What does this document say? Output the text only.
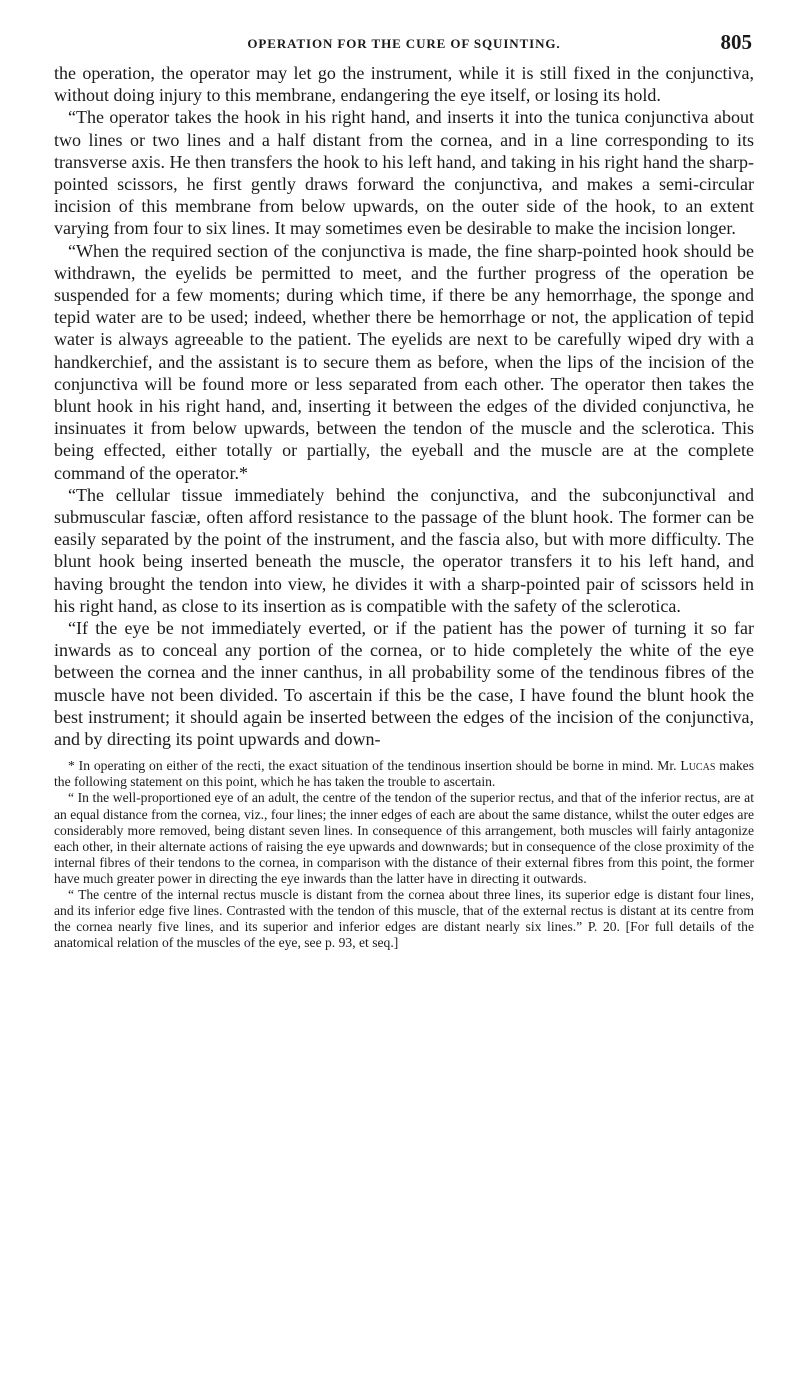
OPERATION FOR THE CURE OF SQUINTING.	805

the operation, the operator may let go the instrument, while it is still fixed in the conjunctiva, without doing injury to this membrane, endangering the eye itself, or losing its hold.

“The operator takes the hook in his right hand, and inserts it into the tunica conjunctiva about two lines or two lines and a half distant from the cornea, and in a line corresponding to its transverse axis. He then transfers the hook to his left hand, and taking in his right hand the sharp-pointed scissors, he first gently draws forward the conjunctiva, and makes a semi-circular incision of this membrane from below upwards, on the outer side of the hook, to an extent varying from four to six lines. It may sometimes even be desirable to make the incision longer.

“When the required section of the conjunctiva is made, the fine sharp-pointed hook should be withdrawn, the eyelids be permitted to meet, and the further progress of the operation be suspended for a few moments; during which time, if there be any hemorrhage, the sponge and tepid water are to be used; indeed, whether there be hemorrhage or not, the application of tepid water is always agreeable to the patient. The eyelids are next to be carefully wiped dry with a handkerchief, and the assistant is to secure them as before, when the lips of the incision of the conjunctiva will be found more or less separated from each other. The operator then takes the blunt hook in his right hand, and, inserting it between the edges of the divided conjunctiva, he insinuates it from below upwards, between the tendon of the muscle and the sclerotica. This being effected, either totally or partially, the eyeball and the muscle are at the complete command of the operator.*

“The cellular tissue immediately behind the conjunctiva, and the subconjunctival and submuscular fasciæ, often afford resistance to the passage of the blunt hook. The former can be easily separated by the point of the instrument, and the fascia also, but with more difficulty. The blunt hook being inserted beneath the muscle, the operator transfers it to his left hand, and having brought the tendon into view, he divides it with a sharp-pointed pair of scissors held in his right hand, as close to its insertion as is compatible with the safety of the sclerotica.

“If the eye be not immediately everted, or if the patient has the power of turning it so far inwards as to conceal any portion of the cornea, or to hide completely the white of the eye between the cornea and the inner canthus, in all probability some of the tendinous fibres of the muscle have not been divided. To ascertain if this be the case, I have found the blunt hook the best instrument; it should again be inserted between the edges of the incision of the conjunctiva, and by directing its point upwards and down-

* In operating on either of the recti, the exact situation of the tendinous insertion should be borne in mind. Mr. Lucas makes the following statement on this point, which he has taken the trouble to ascertain.

“ In the well-proportioned eye of an adult, the centre of the tendon of the superior rectus, and that of the inferior rectus, are at an equal distance from the cornea, viz., four lines; the inner edges of each are about the same distance, whilst the outer edges are considerably more removed, being distant seven lines. In consequence of this arrangement, both muscles will fairly antagonize each other, in their alternate actions of raising the eye upwards and downwards; but in consequence of the close proximity of the internal fibres of their tendons to the cornea, in comparison with the distance of their external fibres from this point, the former have much greater power in directing the eye inwards than the latter have in directing it outwards.

“ The centre of the internal rectus muscle is distant from the cornea about three lines, its superior edge is distant four lines, and its inferior edge five lines. Contrasted with the tendon of this muscle, that of the external rectus is distant at its centre from the cornea nearly five lines, and its superior and inferior edges are distant nearly six lines.” P. 20. [For full details of the anatomical relation of the muscles of the eye, see p. 93, et seq.]
